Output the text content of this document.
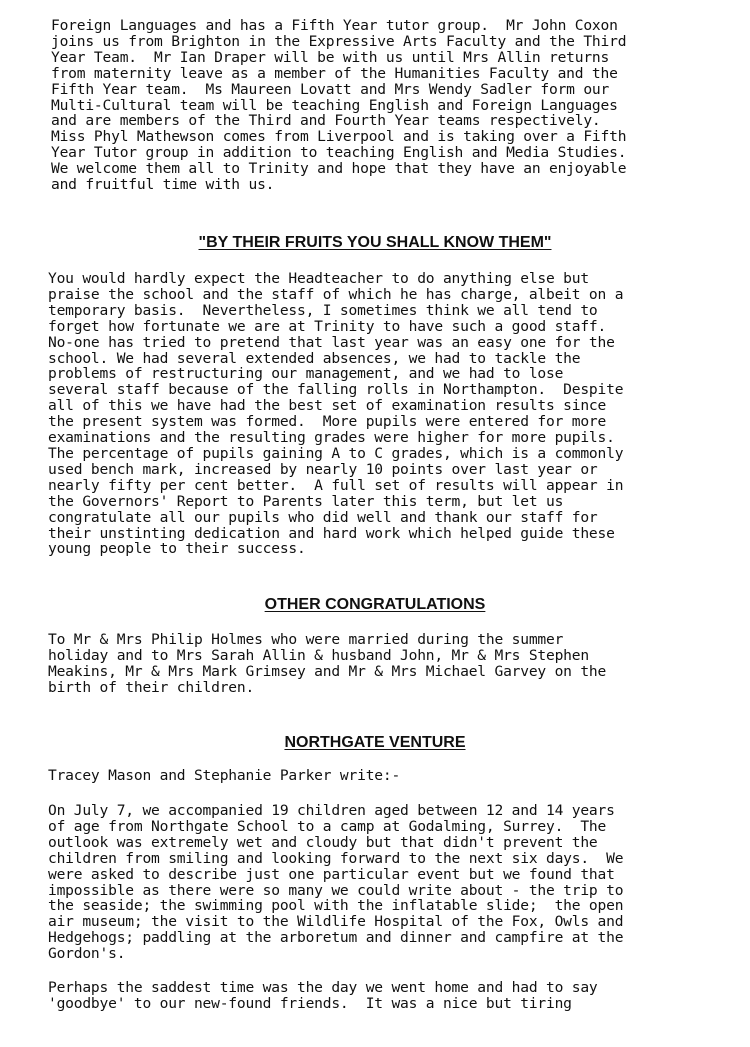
Foreign Languages and has a Fifth Year tutor group.  Mr John Coxon
joins us from Brighton in the Expressive Arts Faculty and the Third
Year Team.  Mr Ian Draper will be with us until Mrs Allin returns
from maternity leave as a member of the Humanities Faculty and the
Fifth Year team.  Ms Maureen Lovatt and Mrs Wendy Sadler form our
Multi-Cultural team will be teaching English and Foreign Languages
and are members of the Third and Fourth Year teams respectively.
Miss Phyl Mathewson comes from Liverpool and is taking over a Fifth
Year Tutor group in addition to teaching English and Media Studies.
We welcome them all to Trinity and hope that they have an enjoyable
and fruitful time with us.

"BY THEIR FRUITS YOU SHALL KNOW THEM"

You would hardly expect the Headteacher to do anything else but
praise the school and the staff of which he has charge, albeit on a
temporary basis.  Nevertheless, I sometimes think we all tend to
forget how fortunate we are at Trinity to have such a good staff.
No-one has tried to pretend that last year was an easy one for the
school. We had several extended absences, we had to tackle the
problems of restructuring our management, and we had to lose
several staff because of the falling rolls in Northampton.  Despite
all of this we have had the best set of examination results since
the present system was formed.  More pupils were entered for more
examinations and the resulting grades were higher for more pupils.
The percentage of pupils gaining A to C grades, which is a commonly
used bench mark, increased by nearly 10 points over last year or
nearly fifty per cent better.  A full set of results will appear in
the Governors' Report to Parents later this term, but let us
congratulate all our pupils who did well and thank our staff for
their unstinting dedication and hard work which helped guide these
young people to their success.

OTHER CONGRATULATIONS

To Mr & Mrs Philip Holmes who were married during the summer
holiday and to Mrs Sarah Allin & husband John, Mr & Mrs Stephen
Meakins, Mr & Mrs Mark Grimsey and Mr & Mrs Michael Garvey on the
birth of their children.

NORTHGATE VENTURE

Tracey Mason and Stephanie Parker write:-

On July 7, we accompanied 19 children aged between 12 and 14 years
of age from Northgate School to a camp at Godalming, Surrey.  The
outlook was extremely wet and cloudy but that didn't prevent the
children from smiling and looking forward to the next six days.  We
were asked to describe just one particular event but we found that
impossible as there were so many we could write about - the trip to
the seaside; the swimming pool with the inflatable slide;  the open
air museum; the visit to the Wildlife Hospital of the Fox, Owls and
Hedgehogs; paddling at the arboretum and dinner and campfire at the
Gordon's.

Perhaps the saddest time was the day we went home and had to say
'goodbye' to our new-found friends.  It was a nice but tiring
